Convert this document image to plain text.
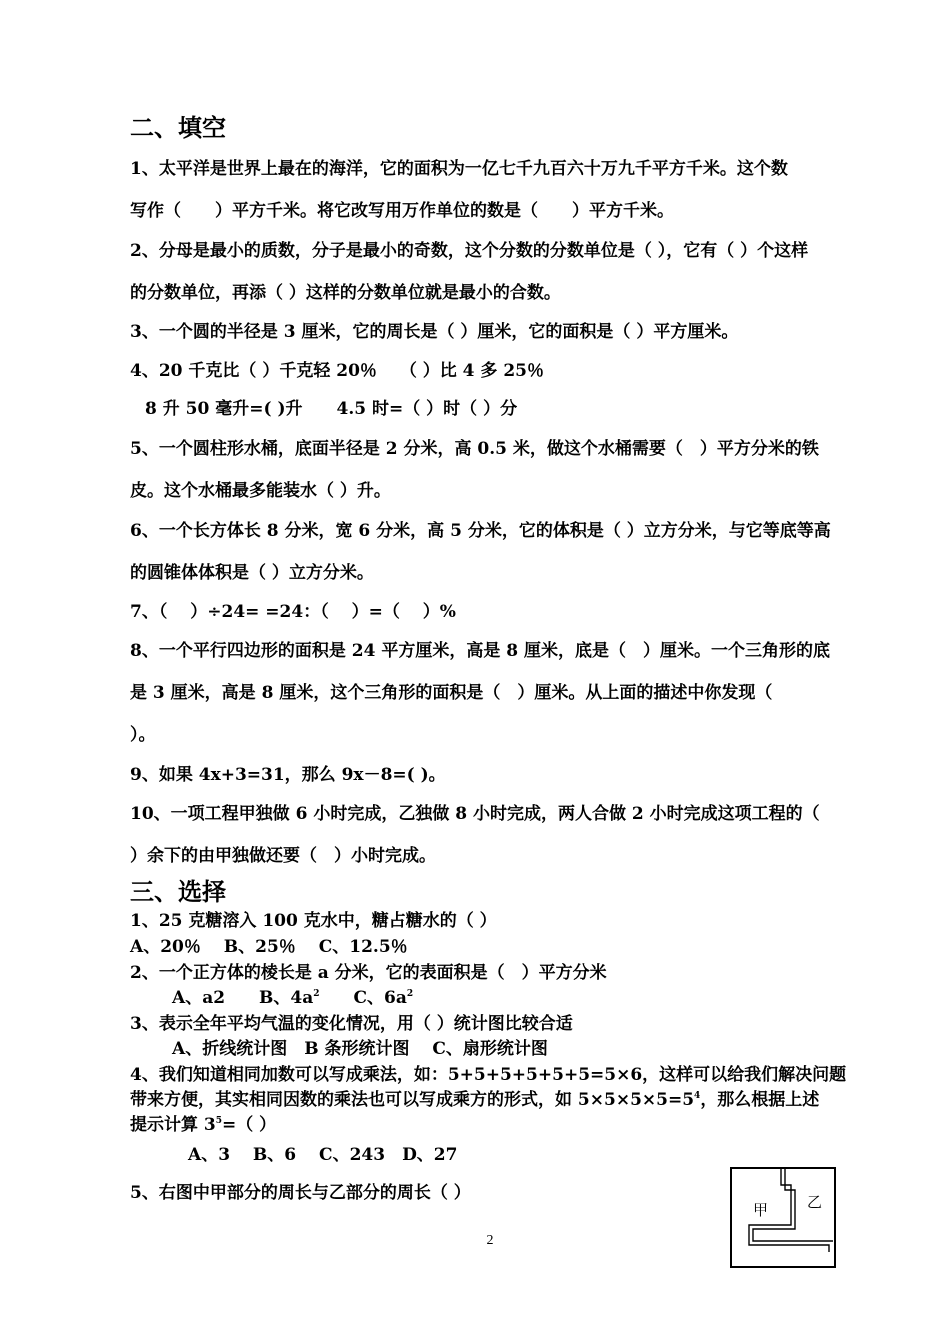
二、填空
1、太平洋是世界上最在的海洋，它的面积为一亿七千九百六十万九千平方千米。这个数
写作（　　）平方千米。将它改写用万作单位的数是（　　）平方千米。
2、分母是最小的质数，分子是最小的奇数，这个分数的分数单位是（ ），它有（ ）个这样
的分数单位，再添（ ）这样的分数单位就是最小的合数。
3、一个圆的半径是 3 厘米，它的周长是（ ）厘米，它的面积是（ ）平方厘米。
4、20 千克比（ ）千克轻 20％　 （ ）比 4 多 25％
8 升 50 毫升=( )升　　4.5 时=（ ）时（ ）分
5、一个圆柱形水桶，底面半径是 2 分米，高 0.5 米，做这个水桶需要（　）平方分米的铁
皮。这个水桶最多能装水（ ）升。
6、一个长方体长 8 分米，宽 6 分米，高 5 分米，它的体积是（ ）立方分米，与它等底等高
的圆锥体体积是（ ）立方分米。
7、（　 ）÷24= =24：（　 ）=（　 ）%
8、一个平行四边形的面积是 24 平方厘米，高是 8 厘米，底是（　）厘米。一个三角形的底
是 3 厘米，高是 8 厘米，这个三角形的面积是（　）厘米。从上面的描述中你发现（
）。
9、如果 4x+3=31，那么 9x－8=( )。
10、一项工程甲独做 6 小时完成，乙独做 8 小时完成，两人合做 2 小时完成这项工程的（
）余下的由甲独做还要（　）小时完成。
三、选择
1、25 克糖溶入 100 克水中，糖占糖水的（ ）
A、20％　 B、25％　 C、12.5％
2、一个正方体的棱长是 a 分米，它的表面积是（　）平方分米
A、a2　　 B、$4a^2$　　 C、$6a^2$
3、表示全年平均气温的变化情况，用（ ）统计图比较合适
A、折线统计图　B 条形统计图　 C、扇形统计图
4、我们知道相同加数可以写成乘法，如：5+5+5+5+5+5=5×6，这样可以给我们解决问题
带来方便，其实相同因数的乘法也可以写成乘方的形式，如 $5\times 5\times 5\times 5=5^4$，那么根据上述
提示计算 $3^5=$（ ）
A、3　 B、6　 C、243　D、27
5、右图中甲部分的周长与乙部分的周长（ ）
甲	乙
2
